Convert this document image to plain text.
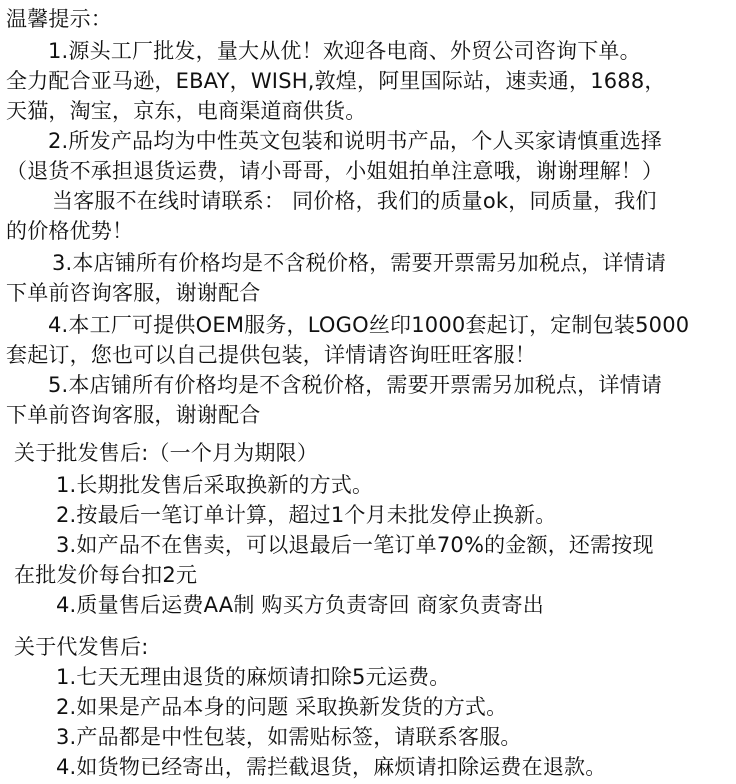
温馨提示：
1.源头工厂批发，量大从优！欢迎各电商、外贸公司咨询下单。
全力配合亚马逊，EBAY，WISH,敦煌，阿里国际站，速卖通，1688，
天猫，淘宝，京东，电商渠道商供货。
2.所发产品均为中性英文包装和说明书产品，个人买家请慎重选择
（退货不承担退货运费，请小哥哥，小姐姐拍单注意哦，谢谢理解！）
当客服不在线时请联系： 同价格，我们的质量ok，同质量，我们
的价格优势！
3.本店铺所有价格均是不含税价格，需要开票需另加税点，详情请
下单前咨询客服，谢谢配合
4.本工厂可提供OEM服务，LOGO丝印1000套起订，定制包装5000
套起订，您也可以自己提供包装，详情请咨询旺旺客服！
5.本店铺所有价格均是不含税价格，需要开票需另加税点，详情请
下单前咨询客服，谢谢配合
关于批发售后:（一个月为期限）
1.长期批发售后采取换新的方式。
2.按最后一笔订单计算，超过1个月未批发停止换新。
3.如产品不在售卖，可以退最后一笔订单70%的金额，还需按现
在批发价每台扣2元
4.质量售后运费AA制 购买方负责寄回 商家负责寄出
关于代发售后:
1.七天无理由退货的麻烦请扣除5元运费。
2.如果是产品本身的问题 采取换新发货的方式。
3.产品都是中性包装，如需贴标签，请联系客服。
4.如货物已经寄出，需拦截退货，麻烦请扣除运费在退款。
